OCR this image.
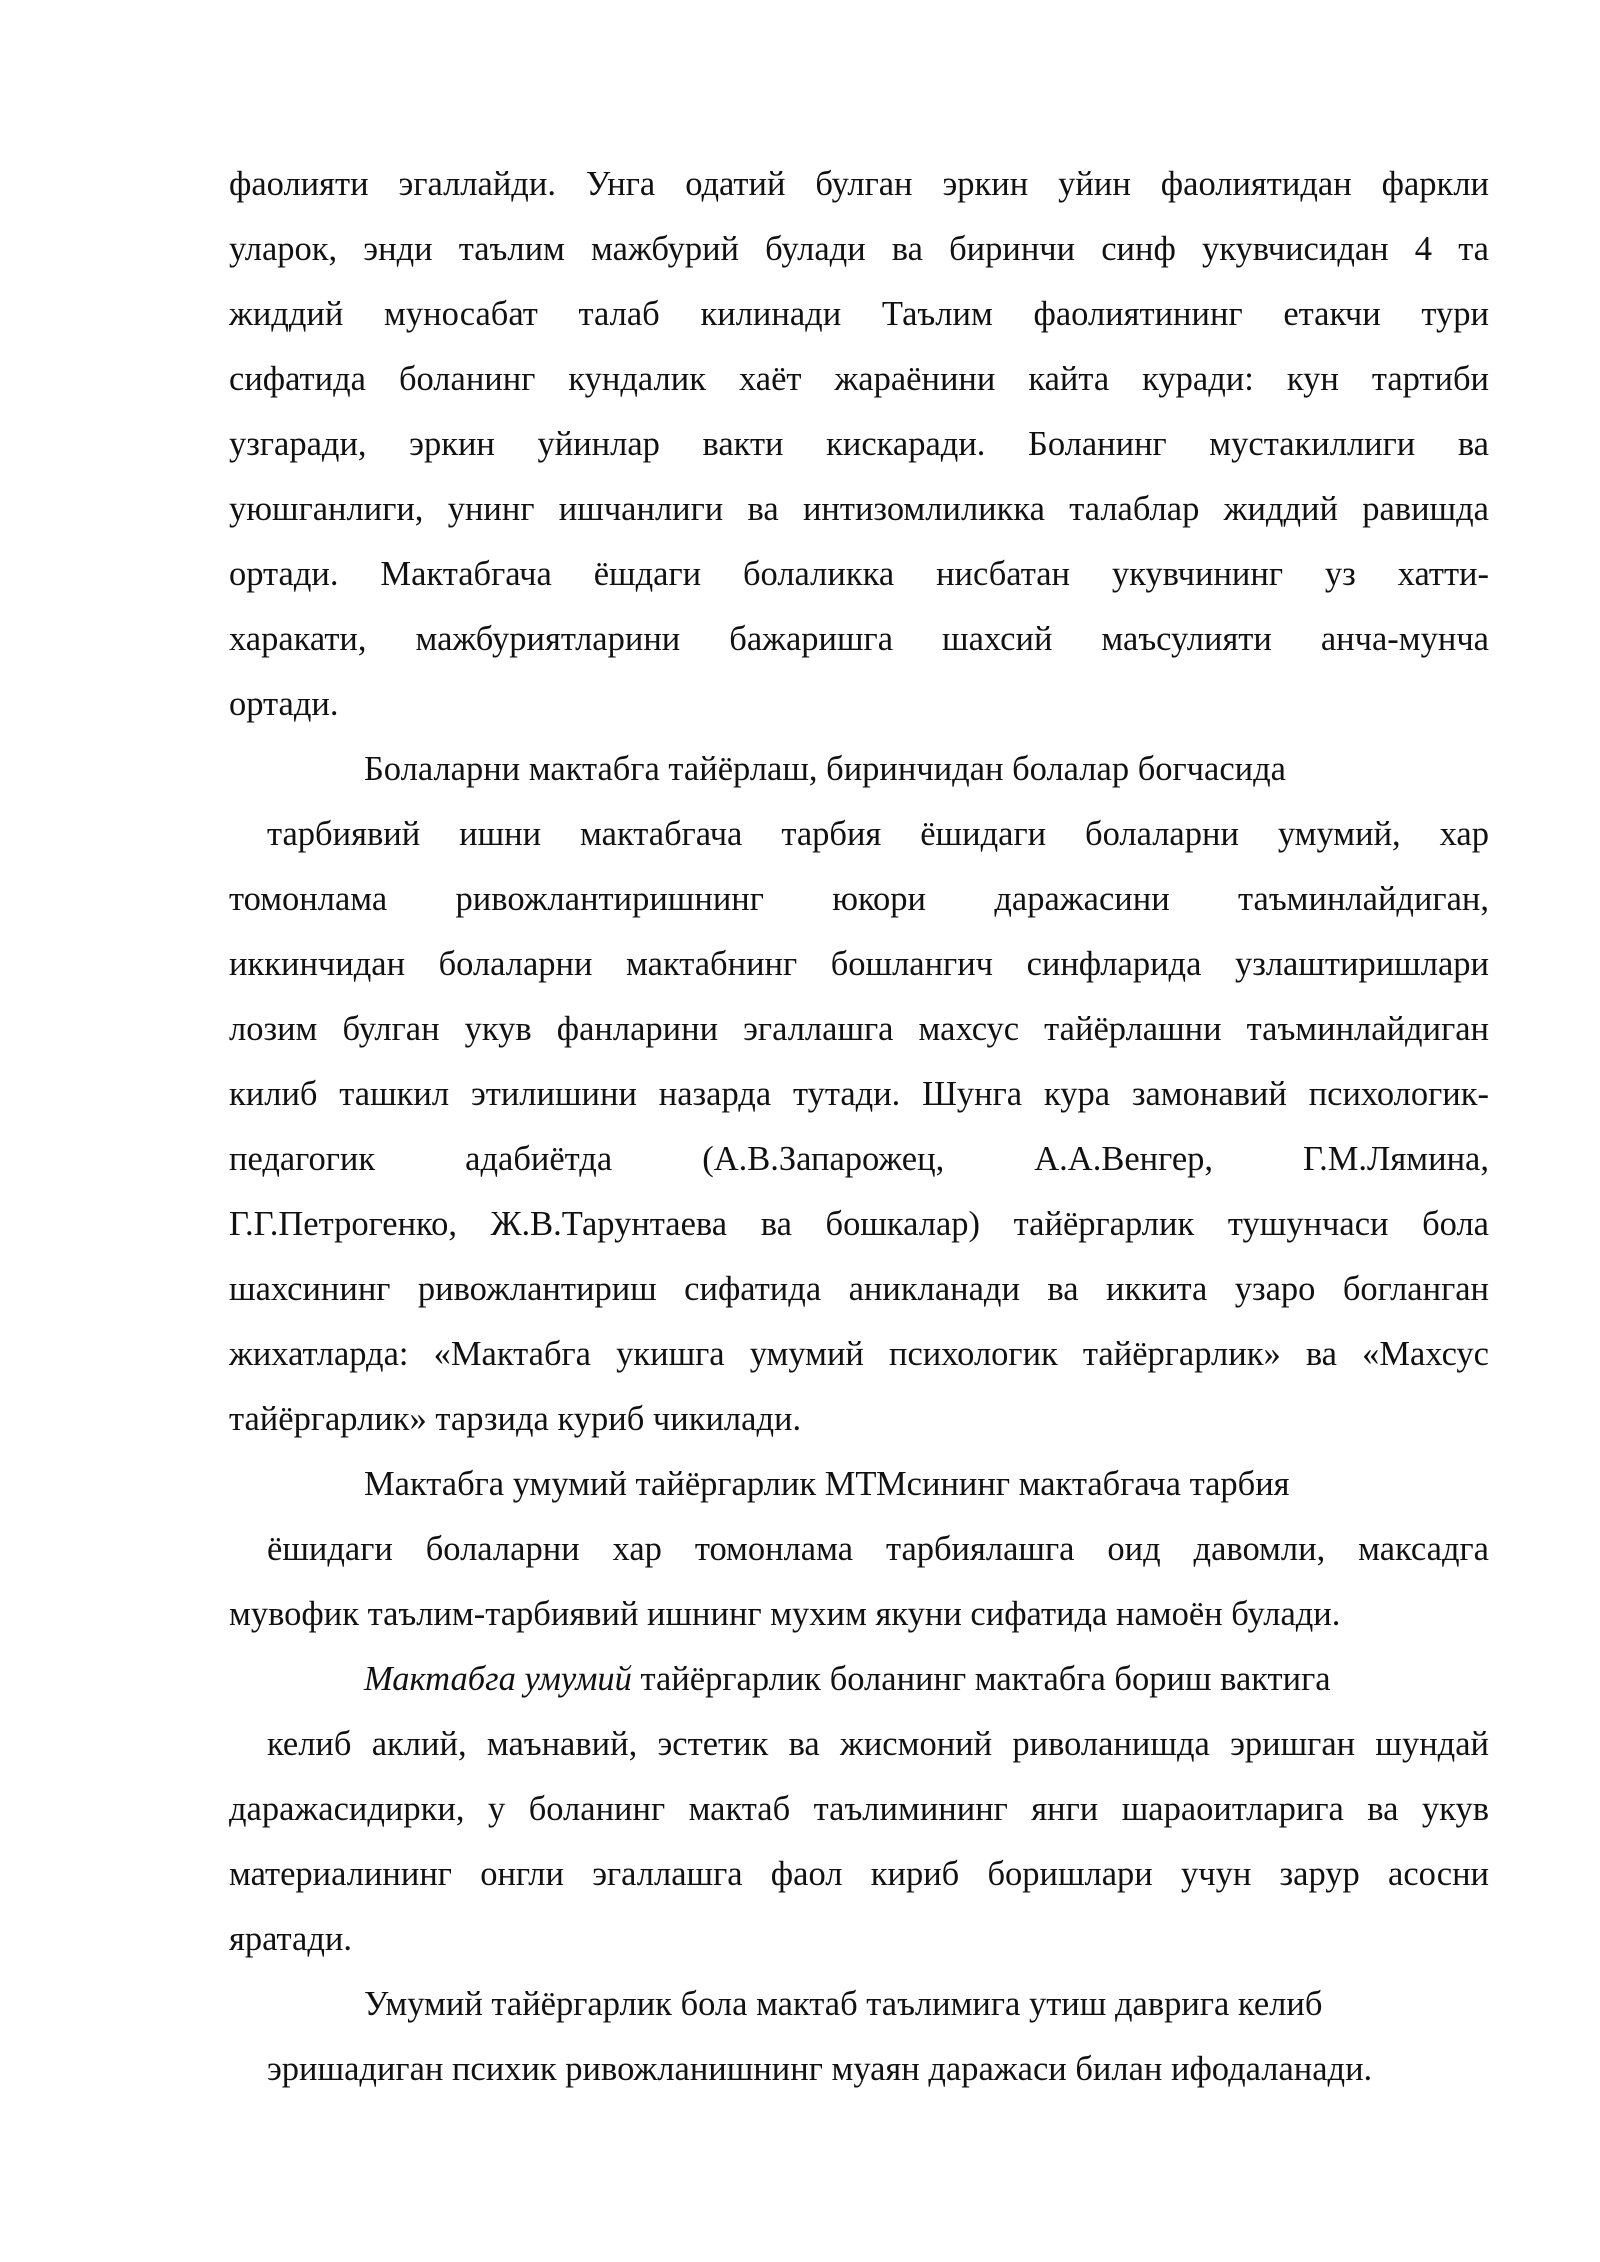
фаолияти эгаллайди. Унга одатий булган эркин уйин фаолиятидан фаркли
уларок, энди таълим мажбурий булади ва биринчи синф укувчисидан 4 та
жиддий муносабат талаб килинади Таълим фаолиятининг етакчи тури
сифатида боланинг кундалик хаёт жараёнини кайта куради: кун тартиби
узгаради, эркин уйинлар вакти кискаради. Боланинг мустакиллиги ва
уюшганлиги, унинг ишчанлиги ва интизомлиликка талаблар жиддий равишда
ортади. Мактабгача ёшдаги болаликка нисбатан укувчининг уз хатти-
харакати, мажбуриятларини бажаришга шахсий маъсулияти анча-мунча
ортади.
Болаларни мактабга тайёрлаш, биринчидан болалар богчасида
тарбиявий ишни мактабгача тарбия ёшидаги болаларни умумий, хар
томонлама ривожлантиришнинг юкори даражасини таъминлайдиган,
иккинчидан болаларни мактабнинг бошлангич синфларида узлаштиришлари
лозим булган укув фанларини эгаллашга махсус тайёрлашни таъминлайдиган
килиб ташкил этилишини назарда тутади. Шунга кура замонавий психологик-
педагогик адабиётда (А.В.Запарожец, А.А.Венгер, Г.М.Лямина,
Г.Г.Петрогенко, Ж.В.Тарунтаева ва бошкалар) тайёргарлик тушунчаси бола
шахсининг ривожлантириш сифатида аникланади ва иккита узаро богланган
жихатларда: «Мактабга укишга умумий психологик тайёргарлик» ва «Махсус
тайёргарлик» тарзида куриб чикилади.
Мактабга умумий тайёргарлик МТМсининг мактабгача тарбия
ёшидаги болаларни хар томонлама тарбиялашга оид давомли, максадга
мувофик таълим-тарбиявий ишнинг мухим якуни сифатида намоён булади.
Мактабга умумий тайёргарлик боланинг мактабга бориш вактига
келиб аклий, маънавий, эстетик ва жисмоний риволанишда эришган шундай
даражасидирки, у боланинг мактаб таълимининг янги шараоитларига ва укув
материалининг онгли эгаллашга фаол кириб боришлари учун зарур асосни
яратади.
Умумий тайёргарлик бола мактаб таълимига утиш даврига келиб
эришадиган психик ривожланишнинг муаян даражаси билан ифодаланади.
